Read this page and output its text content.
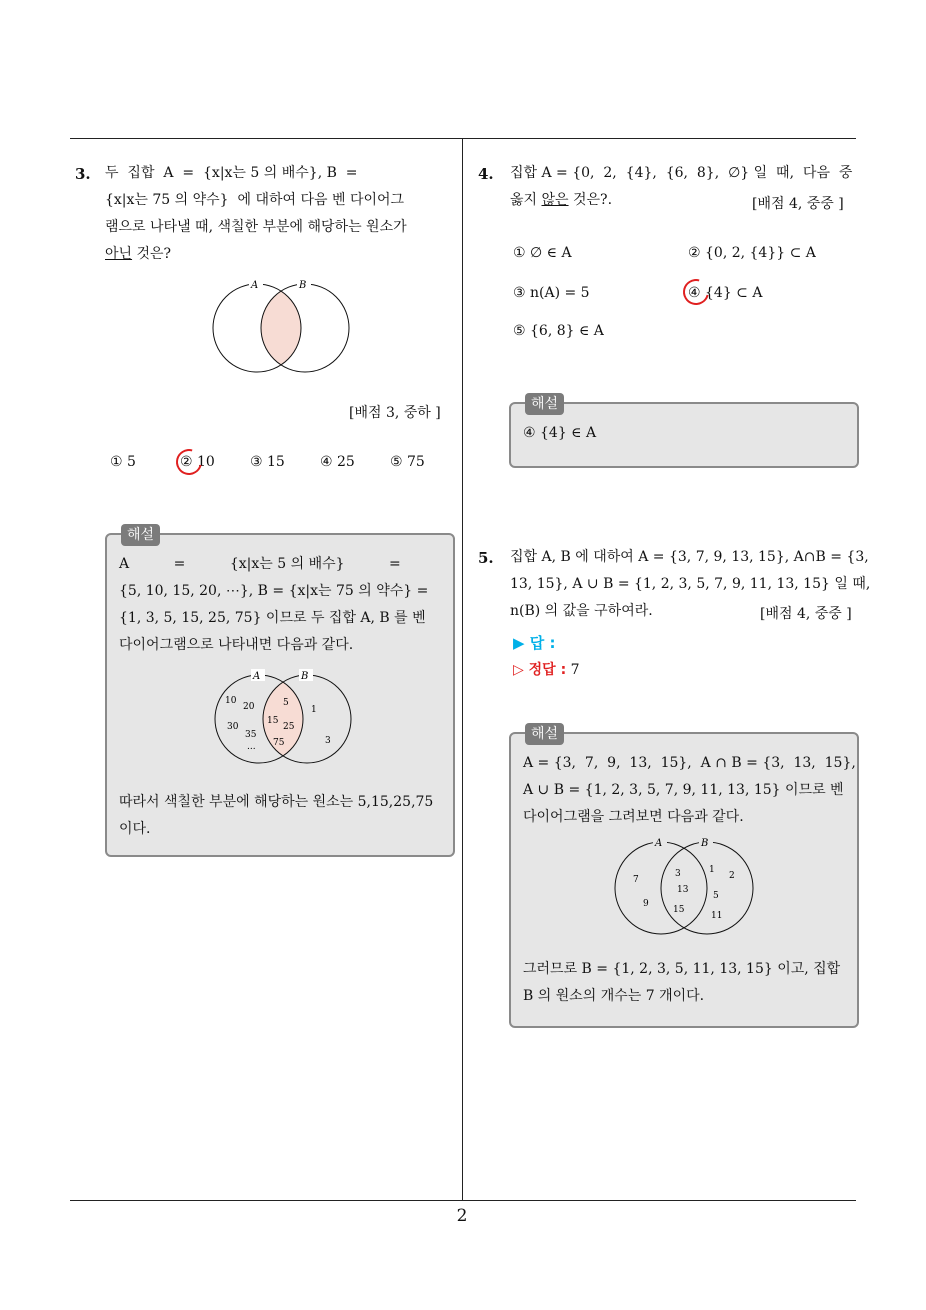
2
3. 두  집합  A  =  {x|x는 5 의 배수}, B  =
{x|x는 75 의 약수}  에 대하여 다음 벤 다이어그
램으로 나타낼 때, 색칠한 부분에 해당하는 원소가
아닌 것은?
A	B
[배점 3, 중하 ]
① 5	② 10	③ 15	④ 25	⑤ 75
해설
A          =          {x|x는 5 의 배수}          =
{5, 10, 15, 20, ⋯}, B = {x|x는 75 의 약수} =
{1, 3, 5, 15, 25, 75} 이므로 두 집합 A, B 를 벤
다이어그램으로 나타내면 다음과 같다.
A	B
10
20
30
35
...
5
15
25
75
1
3
따라서 색칠한 부분에 해당하는 원소는 5,15,25,75
이다.
4. 집합 A = {0,  2,  {4},  {6,  8},  ∅} 일  때,  다음  중
옳지 않은 것은?.	[배점 4, 중중 ]
① ∅ ∈ A	② {0, 2, {4}} ⊂ A
③ n(A) = 5	④ {4} ⊂ A
⑤ {6, 8} ∈ A
해설
④ {4} ∈ A
5. 집합 A, B 에 대하여 A = {3, 7, 9, 13, 15}, A∩B = {3,
13, 15}, A ∪ B = {1, 2, 3, 5, 7, 9, 11, 13, 15} 일 때,
n(B) 의 값을 구하여라.	[배점 4, 중중 ]
▶ 답 :
▷ 정답 : 7
해설
A = {3,  7,  9,  13,  15},  A ∩ B = {3,  13,  15},
A ∪ B = {1, 2, 3, 5, 7, 9, 11, 13, 15} 이므로 벤
다이어그램을 그려보면 다음과 같다.
A	B
7
9
3
13
15
1
2
5
11
그러므로 B = {1, 2, 3, 5, 11, 13, 15} 이고, 집합
B 의 원소의 개수는 7 개이다.
